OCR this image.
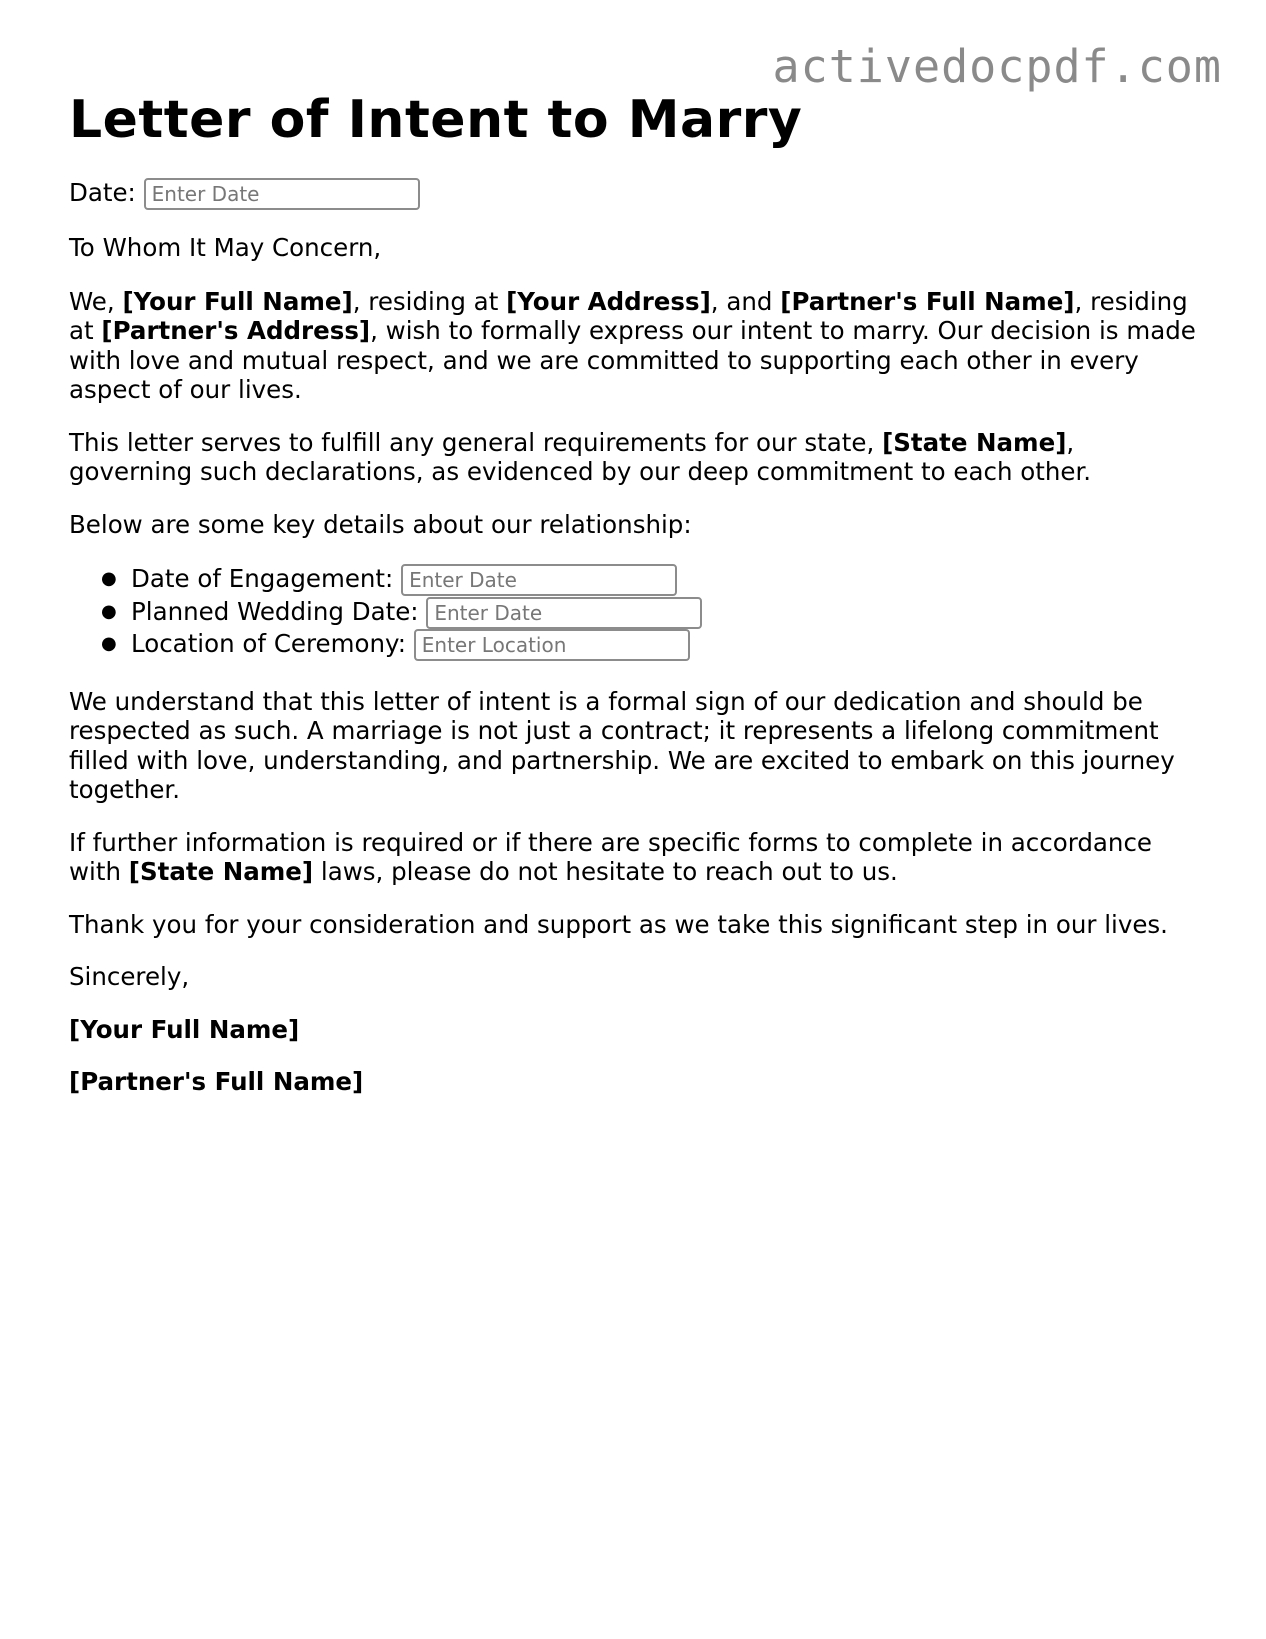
activedocpdf.com
Letter of Intent to Marry

Date: Enter Date

To Whom It May Concern,

We, [Your Full Name], residing at [Your Address], and [Partner's Full Name], residing at [Partner's Address], wish to formally express our intent to marry. Our decision is made with love and mutual respect, and we are committed to supporting each other in every aspect of our lives.

This letter serves to fulfill any general requirements for our state, [State Name], governing such declarations, as evidenced by our deep commitment to each other.

Below are some key details about our relationship:

● Date of Engagement: Enter Date
● Planned Wedding Date: Enter Date
● Location of Ceremony: Enter Location

We understand that this letter of intent is a formal sign of our dedication and should be respected as such. A marriage is not just a contract; it represents a lifelong commitment filled with love, understanding, and partnership. We are excited to embark on this journey together.

If further information is required or if there are specific forms to complete in accordance with [State Name] laws, please do not hesitate to reach out to us.

Thank you for your consideration and support as we take this significant step in our lives.

Sincerely,

[Your Full Name]

[Partner's Full Name]
